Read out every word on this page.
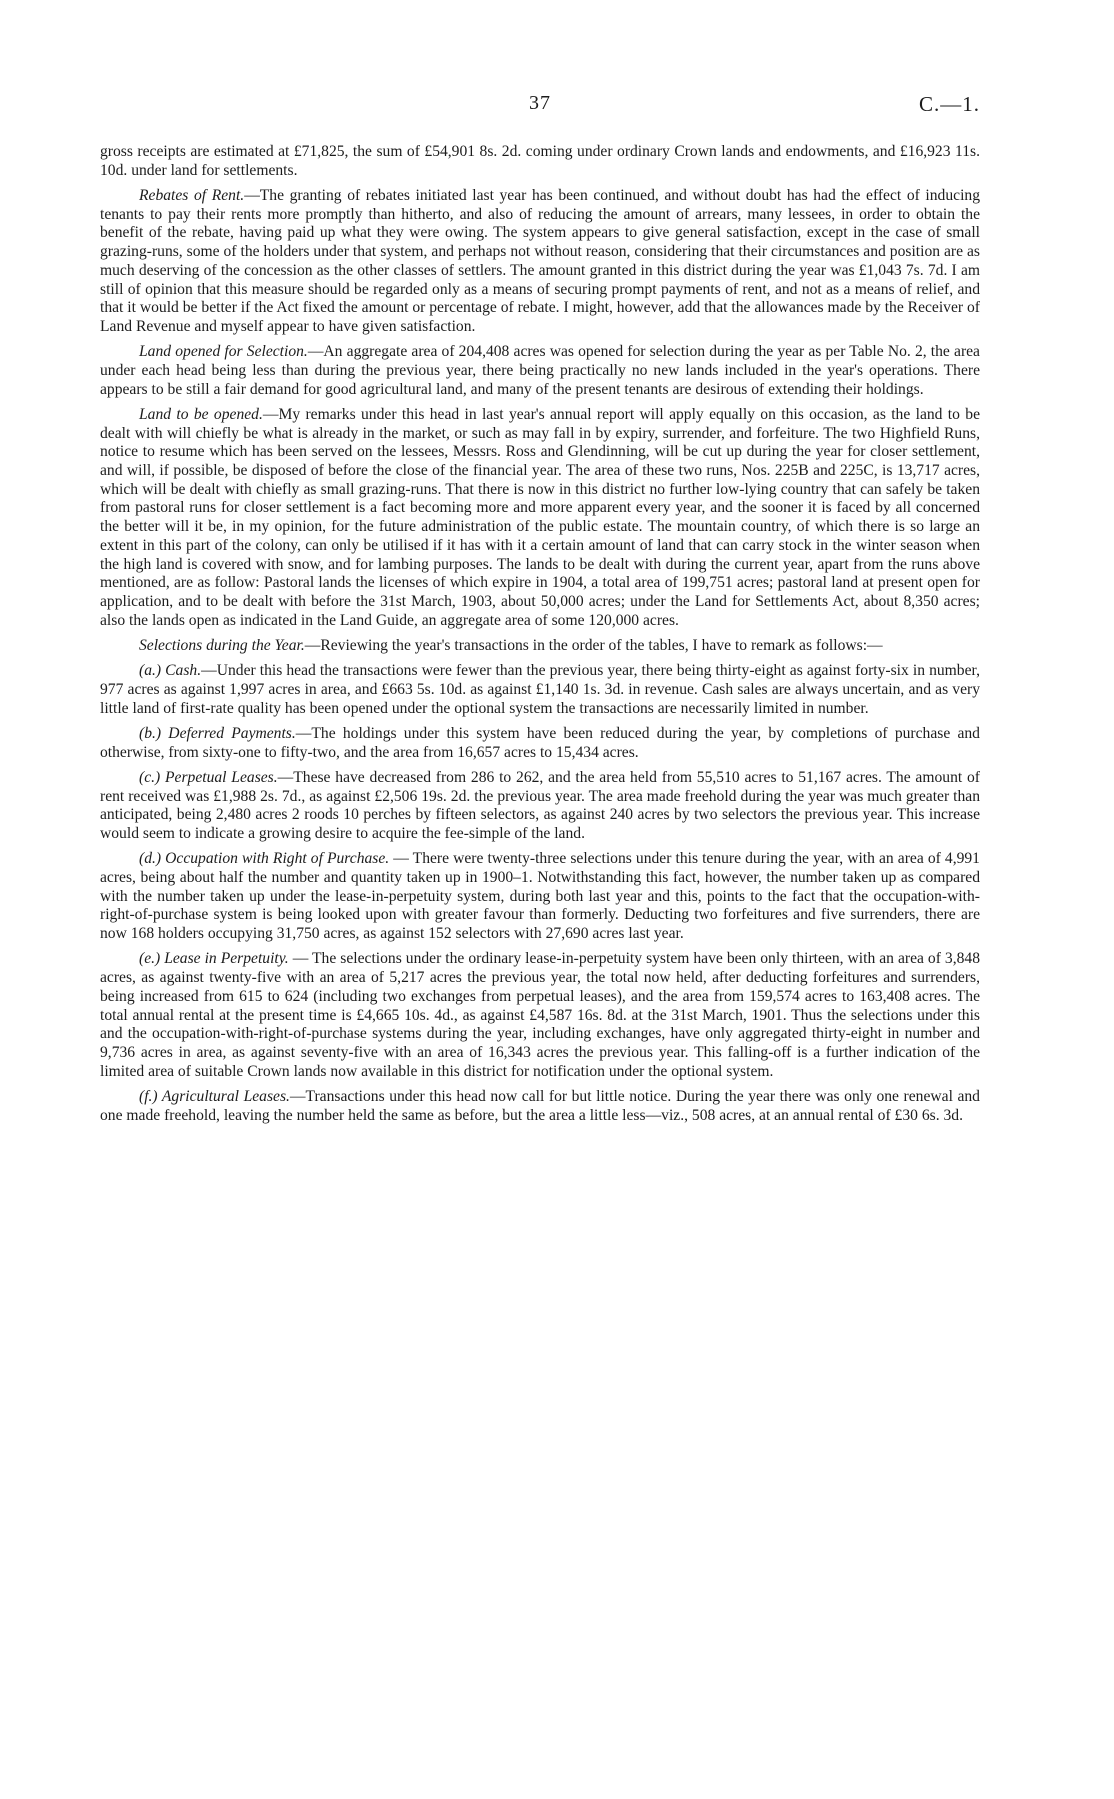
37	C.—1.

gross receipts are estimated at £71,825, the sum of £54,901 8s. 2d. coming under ordinary Crown lands and endowments, and £16,923 11s. 10d. under land for settlements.

Rebates of Rent.—The granting of rebates initiated last year has been continued, and without doubt has had the effect of inducing tenants to pay their rents more promptly than hitherto, and also of reducing the amount of arrears, many lessees, in order to obtain the benefit of the rebate, having paid up what they were owing. The system appears to give general satisfaction, except in the case of small grazing-runs, some of the holders under that system, and perhaps not without reason, considering that their circumstances and position are as much deserving of the concession as the other classes of settlers. The amount granted in this district during the year was £1,043 7s. 7d. I am still of opinion that this measure should be regarded only as a means of securing prompt payments of rent, and not as a means of relief, and that it would be better if the Act fixed the amount or percentage of rebate. I might, however, add that the allowances made by the Receiver of Land Revenue and myself appear to have given satisfaction.

Land opened for Selection.—An aggregate area of 204,408 acres was opened for selection during the year as per Table No. 2, the area under each head being less than during the previous year, there being practically no new lands included in the year's operations. There appears to be still a fair demand for good agricultural land, and many of the present tenants are desirous of extending their holdings.

Land to be opened.—My remarks under this head in last year's annual report will apply equally on this occasion, as the land to be dealt with will chiefly be what is already in the market, or such as may fall in by expiry, surrender, and forfeiture. The two Highfield Runs, notice to resume which has been served on the lessees, Messrs. Ross and Glendinning, will be cut up during the year for closer settlement, and will, if possible, be disposed of before the close of the financial year. The area of these two runs, Nos. 225B and 225C, is 13,717 acres, which will be dealt with chiefly as small grazing-runs. That there is now in this district no further low-lying country that can safely be taken from pastoral runs for closer settlement is a fact becoming more and more apparent every year, and the sooner it is faced by all concerned the better will it be, in my opinion, for the future administration of the public estate. The mountain country, of which there is so large an extent in this part of the colony, can only be utilised if it has with it a certain amount of land that can carry stock in the winter season when the high land is covered with snow, and for lambing purposes. The lands to be dealt with during the current year, apart from the runs above mentioned, are as follow: Pastoral lands the licenses of which expire in 1904, a total area of 199,751 acres; pastoral land at present open for application, and to be dealt with before the 31st March, 1903, about 50,000 acres; under the Land for Settlements Act, about 8,350 acres; also the lands open as indicated in the Land Guide, an aggregate area of some 120,000 acres.

Selections during the Year.—Reviewing the year's transactions in the order of the tables, I have to remark as follows:—

(a.) Cash.—Under this head the transactions were fewer than the previous year, there being thirty-eight as against forty-six in number, 977 acres as against 1,997 acres in area, and £663 5s. 10d. as against £1,140 1s. 3d. in revenue. Cash sales are always uncertain, and as very little land of first-rate quality has been opened under the optional system the transactions are necessarily limited in number.

(b.) Deferred Payments.—The holdings under this system have been reduced during the year, by completions of purchase and otherwise, from sixty-one to fifty-two, and the area from 16,657 acres to 15,434 acres.

(c.) Perpetual Leases.—These have decreased from 286 to 262, and the area held from 55,510 acres to 51,167 acres. The amount of rent received was £1,988 2s. 7d., as against £2,506 19s. 2d. the previous year. The area made freehold during the year was much greater than anticipated, being 2,480 acres 2 roods 10 perches by fifteen selectors, as against 240 acres by two selectors the previous year. This increase would seem to indicate a growing desire to acquire the fee-simple of the land.

(d.) Occupation with Right of Purchase. — There were twenty-three selections under this tenure during the year, with an area of 4,991 acres, being about half the number and quantity taken up in 1900–1. Notwithstanding this fact, however, the number taken up as compared with the number taken up under the lease-in-perpetuity system, during both last year and this, points to the fact that the occupation-with-right-of-purchase system is being looked upon with greater favour than formerly. Deducting two forfeitures and five surrenders, there are now 168 holders occupying 31,750 acres, as against 152 selectors with 27,690 acres last year.

(e.) Lease in Perpetuity. — The selections under the ordinary lease-in-perpetuity system have been only thirteen, with an area of 3,848 acres, as against twenty-five with an area of 5,217 acres the previous year, the total now held, after deducting forfeitures and surrenders, being increased from 615 to 624 (including two exchanges from perpetual leases), and the area from 159,574 acres to 163,408 acres. The total annual rental at the present time is £4,665 10s. 4d., as against £4,587 16s. 8d. at the 31st March, 1901. Thus the selections under this and the occupation-with-right-of-purchase systems during the year, including exchanges, have only aggregated thirty-eight in number and 9,736 acres in area, as against seventy-five with an area of 16,343 acres the previous year. This falling-off is a further indication of the limited area of suitable Crown lands now available in this district for notification under the optional system.

(f.) Agricultural Leases.—Transactions under this head now call for but little notice. During the year there was only one renewal and one made freehold, leaving the number held the same as before, but the area a little less—viz., 508 acres, at an annual rental of £30 6s. 3d.
